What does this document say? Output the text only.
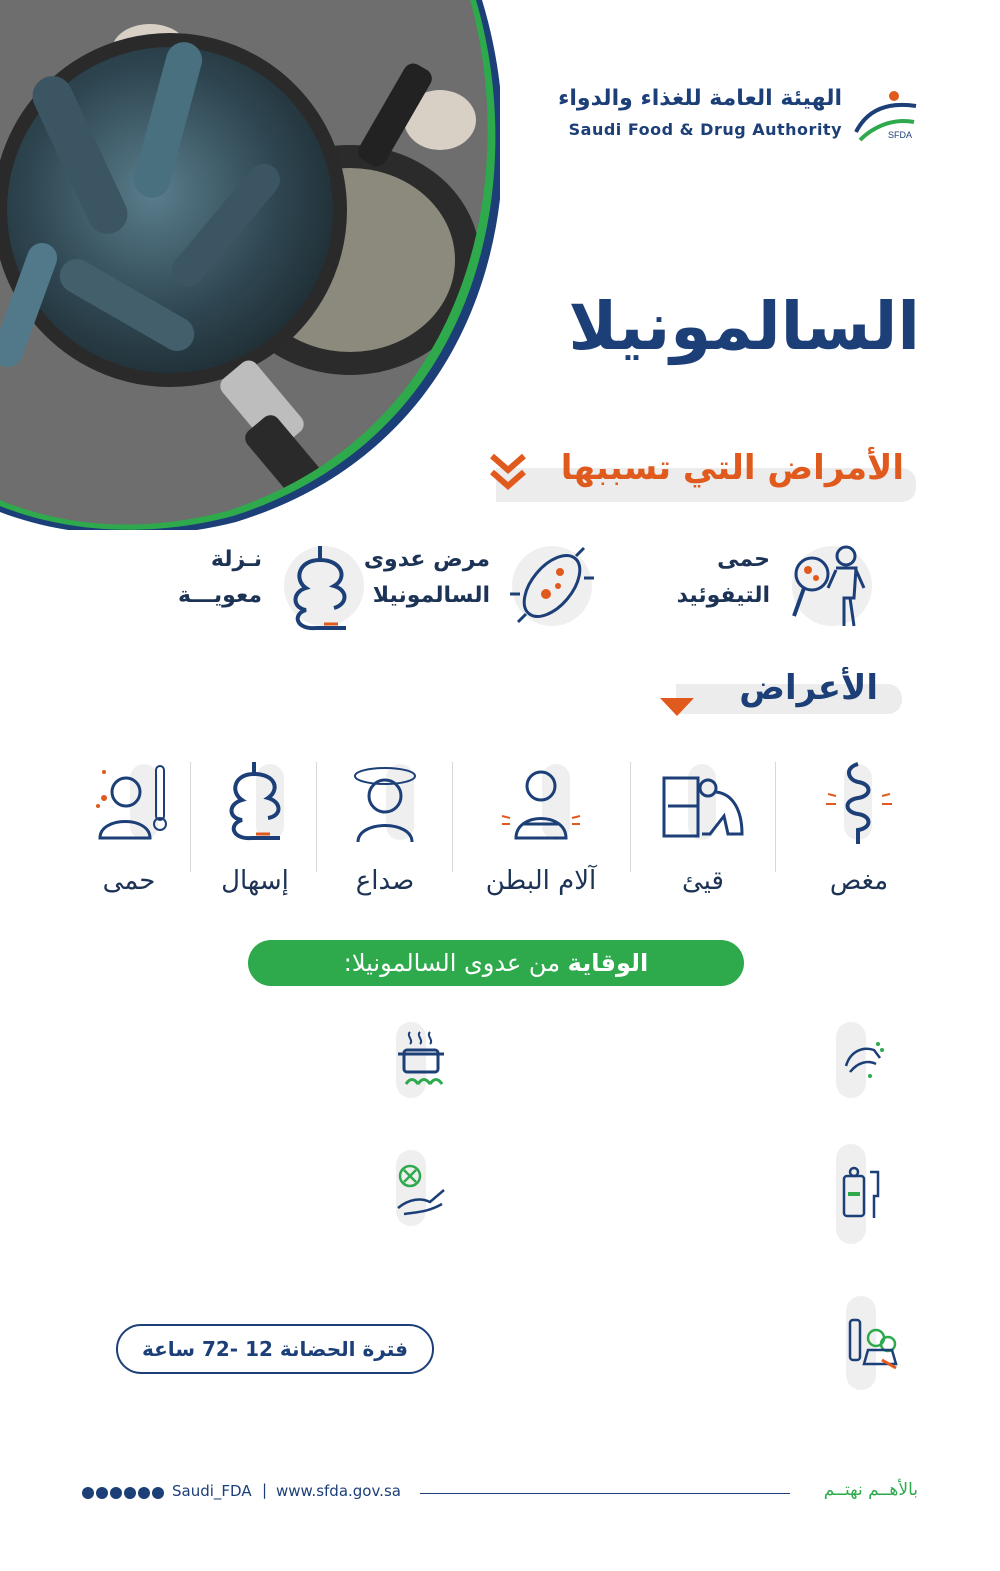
الهيئة العامة للغذاء والدواء
Saudi Food & Drug Authority	SFDA
السالمونيلا
الأمراض التي تسببها
حمى
التيفوئيد
مرض عدوى
السالمونيلا
نـزلة
معويـــة
الأعراض
مغص
قيئ
آلام البطن
صداع
إسهال
حمى
الوقاية من عدوى السالمونيلا:
فترة الحضانة 12 -72 ساعة
بالأهــم نهتــم
www.sfda.gov.sa
|
Saudi_FDA
